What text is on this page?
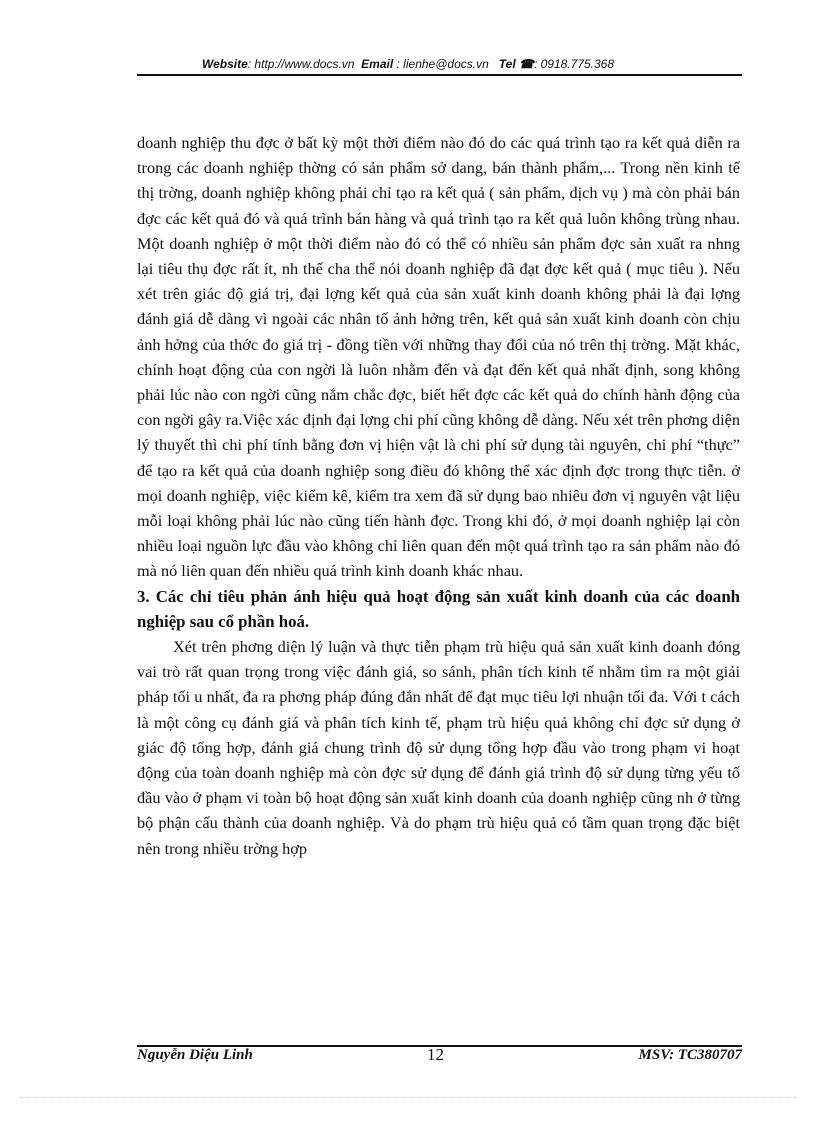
Website: http://www.docs.vn Email : lienhe@docs.vn Tel ☎: 0918.775.368

doanh nghiệp thu đợc ở bất kỳ một thời điểm nào đó do các quá trình tạo ra kết quả diễn ra trong các doanh nghiệp thờng có sản phẩm sở dang, bán thành phẩm,... Trong nền kinh tế thị trờng, doanh nghiệp không phải chỉ tạo ra kết quả ( sản phẩm, dịch vụ ) mà còn phải bán đợc các kết quả đó và quá trình bán hàng và quá trình tạo ra kết quả luôn không trùng nhau. Một doanh nghiệp ở một thời điểm nào đó có thể có nhiều sản phẩm đợc sản xuất ra nhng lại tiêu thụ đợc rất ít, nh thế cha thể nói doanh nghiệp đã đạt đợc kết quả ( mục tiêu ). Nếu xét trên giác độ giá trị, đại lợng kết quả của sản xuất kinh doanh không phải là đại lợng đánh giá dễ dàng vì ngoài các nhân tố ảnh hởng trên, kết quả sản xuất kinh doanh còn chịu ảnh hởng của thớc đo giá trị - đồng tiền với những thay đổi của nó trên thị trờng. Mặt khác, chính hoạt động của con ngời là luôn nhằm đến và đạt đến kết quả nhất định, song không phải lúc nào con ngời cũng nắm chắc đợc, biết hết đợc các kết quả do chính hành động của con ngời gây ra.Việc xác định đại lợng chi phí cũng không dễ dàng. Nếu xét trên phơng diện lý thuyết thì chi phí tính bằng đơn vị hiện vật là chi phí sử dụng tài nguyên, chi phí “thực” để tạo ra kết quả của doanh nghiệp song điều đó không thể xác định đợc trong thực tiễn. ở mọi doanh nghiệp, việc kiểm kê, kiểm tra xem đã sử dụng bao nhiêu đơn vị nguyên vật liệu mỗi loại không phải lúc nào cũng tiến hành đợc. Trong khi đó, ở mọi doanh nghiệp lại còn nhiều loại nguồn lực đầu vào không chỉ liên quan đến một quá trình tạo ra sản phẩm nào đó mà nó liên quan đến nhiều quá trình kinh doanh khác nhau.

3. Các chỉ tiêu phản ánh hiệu quả hoạt động sản xuất kinh doanh của các doanh nghiệp sau cổ phần hoá.

Xét trên phơng diện lý luận và thực tiễn phạm trù hiệu quả sản xuất kinh doanh đóng vai trò rất quan trọng trong việc đánh giá, so sánh, phân tích kinh tế nhằm tìm ra một giải pháp tối u nhất, đa ra phơng pháp đúng đắn nhất để đạt mục tiêu lợi nhuận tối đa. Với t cách là một công cụ đánh giá và phân tích kinh tế, phạm trù hiệu quả không chỉ đợc sử dụng ở giác độ tổng hợp, đánh giá chung trình độ sử dụng tổng hợp đầu vào trong phạm vi hoạt động của toàn doanh nghiệp mà còn đợc sử dụng để đánh giá trình độ sử dụng từng yếu tố đầu vào ở phạm vi toàn bộ hoạt động sản xuất kinh doanh của doanh nghiệp cũng nh ở từng bộ phận cấu thành của doanh nghiệp. Và do phạm trù hiệu quả có tầm quan trọng đặc biệt nên trong nhiều trờng hợp

Nguyễn Diệu Linh	12	MSV: TC380707
